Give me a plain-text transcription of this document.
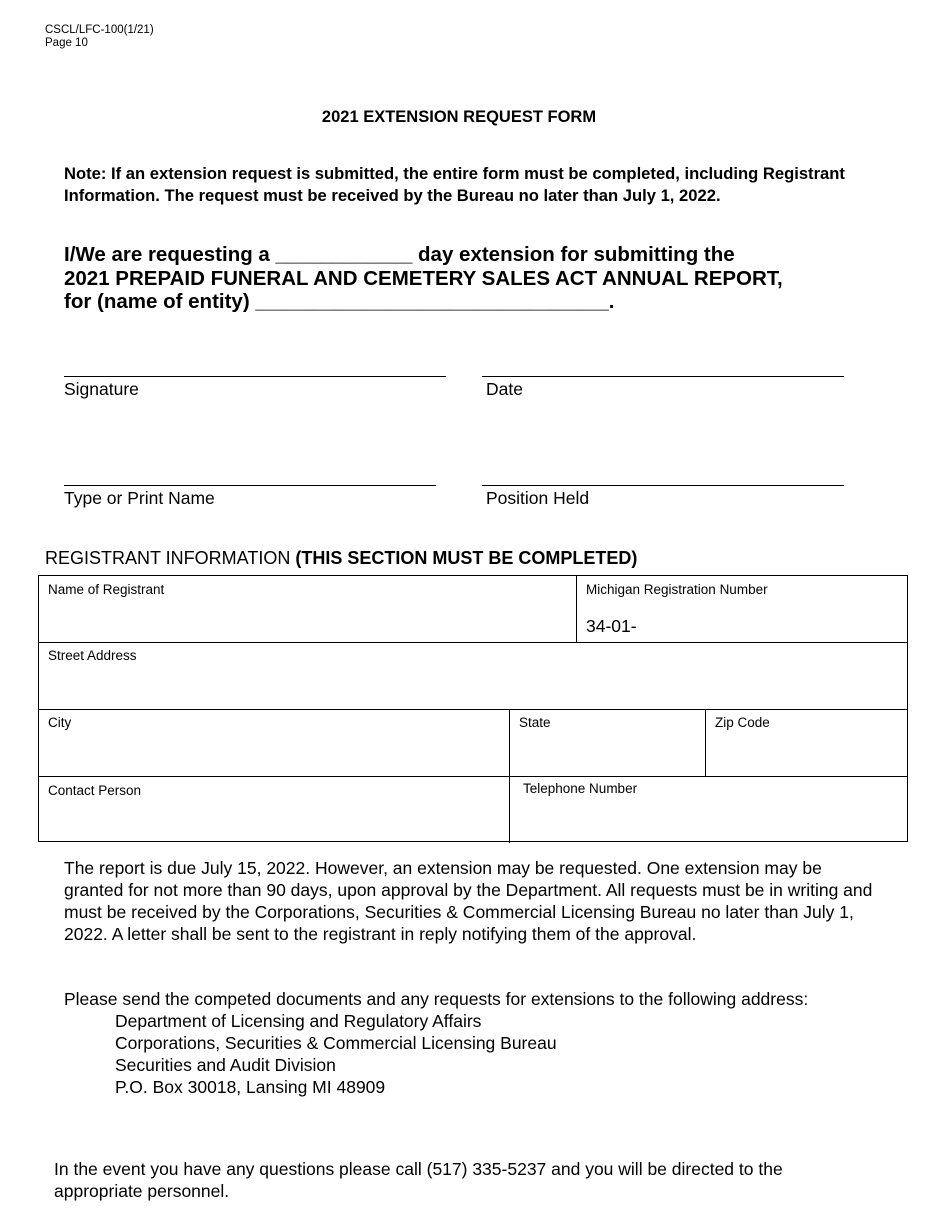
CSCL/LFC-100(1/21)
Page 10
2021 EXTENSION REQUEST FORM
Note: If an extension request is submitted, the entire form must be completed, including Registrant Information. The request must be received by the Bureau no later than July 1, 2022.
I/We are requesting a ____________ day extension for submitting the
2021 PREPAID FUNERAL AND CEMETERY SALES ACT ANNUAL REPORT,
for (name of entity) _______________________________.
Signature	Date
Type or Print Name	Position Held
REGISTRANT INFORMATION (THIS SECTION MUST BE COMPLETED)
Name of Registrant	Michigan Registration Number
34-01-
Street Address
City	State	Zip Code
Contact Person	Telephone Number
The report is due July 15, 2022. However, an extension may be requested. One extension may be granted for not more than 90 days, upon approval by the Department. All requests must be in writing and must be received by the Corporations, Securities & Commercial Licensing Bureau no later than July 1, 2022. A letter shall be sent to the registrant in reply notifying them of the approval.
Please send the competed documents and any requests for extensions to the following address:
Department of Licensing and Regulatory Affairs
Corporations, Securities & Commercial Licensing Bureau
Securities and Audit Division
P.O. Box 30018, Lansing MI 48909
In the event you have any questions please call (517) 335-5237 and you will be directed to the appropriate personnel.
